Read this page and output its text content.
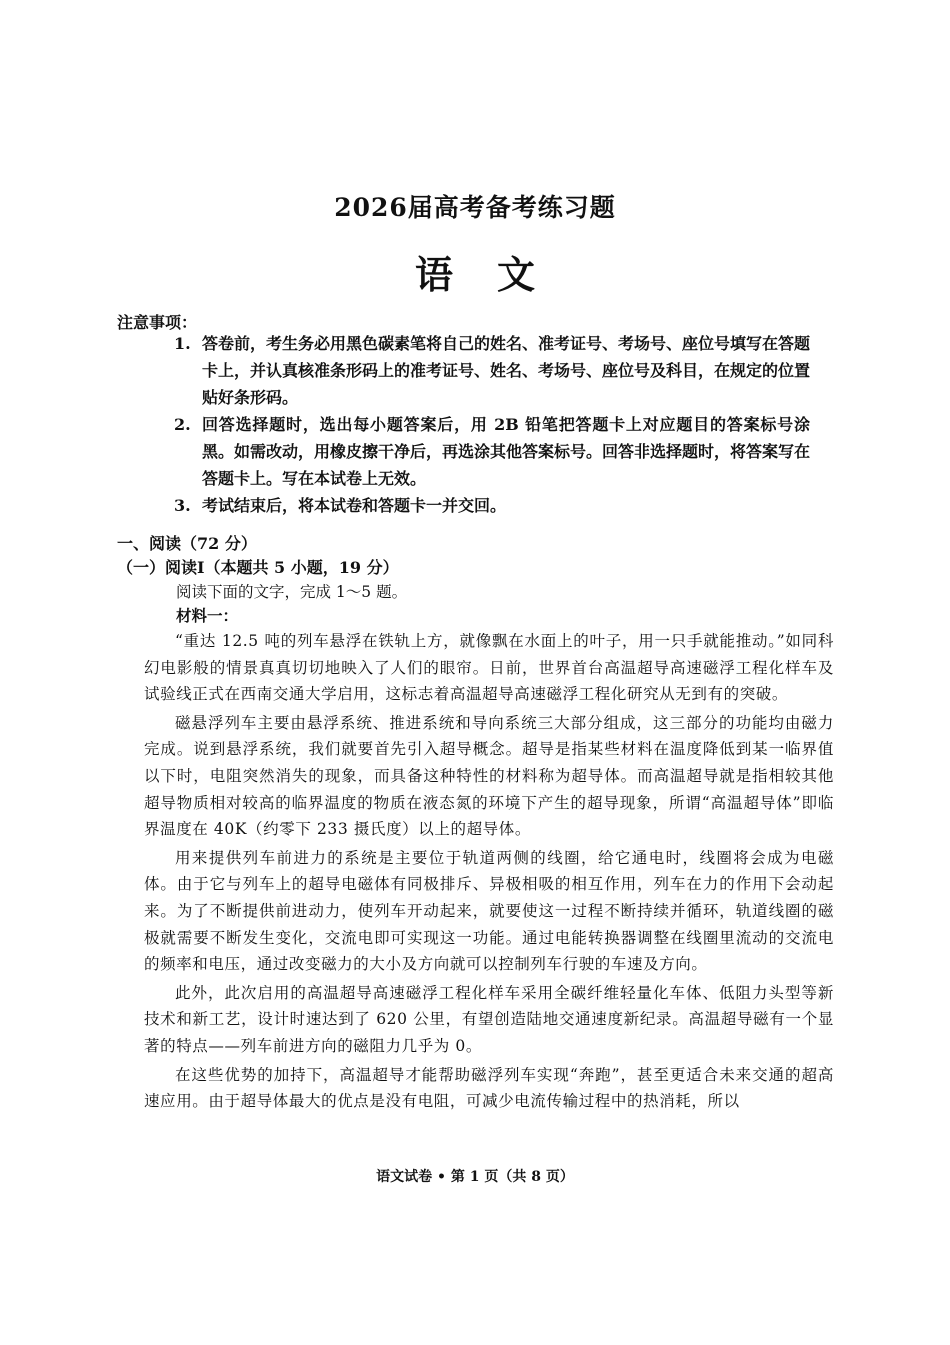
2026届高考备考练习题
语文
注意事项：
1. 答卷前，考生务必用黑色碳素笔将自己的姓名、准考证号、考场号、座位号填写在答题卡上，并认真核准条形码上的准考证号、姓名、考场号、座位号及科目，在规定的位置贴好条形码。
2. 回答选择题时，选出每小题答案后，用 2B 铅笔把答题卡上对应题目的答案标号涂黑。如需改动，用橡皮擦干净后，再选涂其他答案标号。回答非选择题时，将答案写在答题卡上。写在本试卷上无效。
3. 考试结束后，将本试卷和答题卡一并交回。
一、阅读（72 分）
（一）阅读Ⅰ（本题共 5 小题，19 分）
阅读下面的文字，完成 1～5 题。
材料一：

“重达 12.5 吨的列车悬浮在铁轨上方，就像飘在水面上的叶子，用一只手就能推动。”如同科幻电影般的情景真真切切地映入了人们的眼帘。日前，世界首台高温超导高速磁浮工程化样车及试验线正式在西南交通大学启用，这标志着高温超导高速磁浮工程化研究从无到有的突破。

磁悬浮列车主要由悬浮系统、推进系统和导向系统三大部分组成，这三部分的功能均由磁力完成。说到悬浮系统，我们就要首先引入超导概念。超导是指某些材料在温度降低到某一临界值以下时，电阻突然消失的现象，而具备这种特性的材料称为超导体。而高温超导就是指相较其他超导物质相对较高的临界温度的物质在液态氮的环境下产生的超导现象，所谓“高温超导体”即临界温度在 40K（约零下 233 摄氏度）以上的超导体。

用来提供列车前进力的系统是主要位于轨道两侧的线圈，给它通电时，线圈将会成为电磁体。由于它与列车上的超导电磁体有同极排斥、异极相吸的相互作用，列车在力的作用下会动起来。为了不断提供前进动力，使列车开动起来，就要使这一过程不断持续并循环，轨道线圈的磁极就需要不断发生变化，交流电即可实现这一功能。通过电能转换器调整在线圈里流动的交流电的频率和电压，通过改变磁力的大小及方向就可以控制列车行驶的车速及方向。

此外，此次启用的高温超导高速磁浮工程化样车采用全碳纤维轻量化车体、低阻力头型等新技术和新工艺，设计时速达到了 620 公里，有望创造陆地交通速度新纪录。高温超导磁有一个显著的特点——列车前进方向的磁阻力几乎为 0。

在这些优势的加持下，高温超导才能帮助磁浮列车实现“奔跑”，甚至更适合未来交通的超高速应用。由于超导体最大的优点是没有电阻，可减少电流传输过程中的热消耗，所以

语文试卷 • 第 1 页（共 8 页）
